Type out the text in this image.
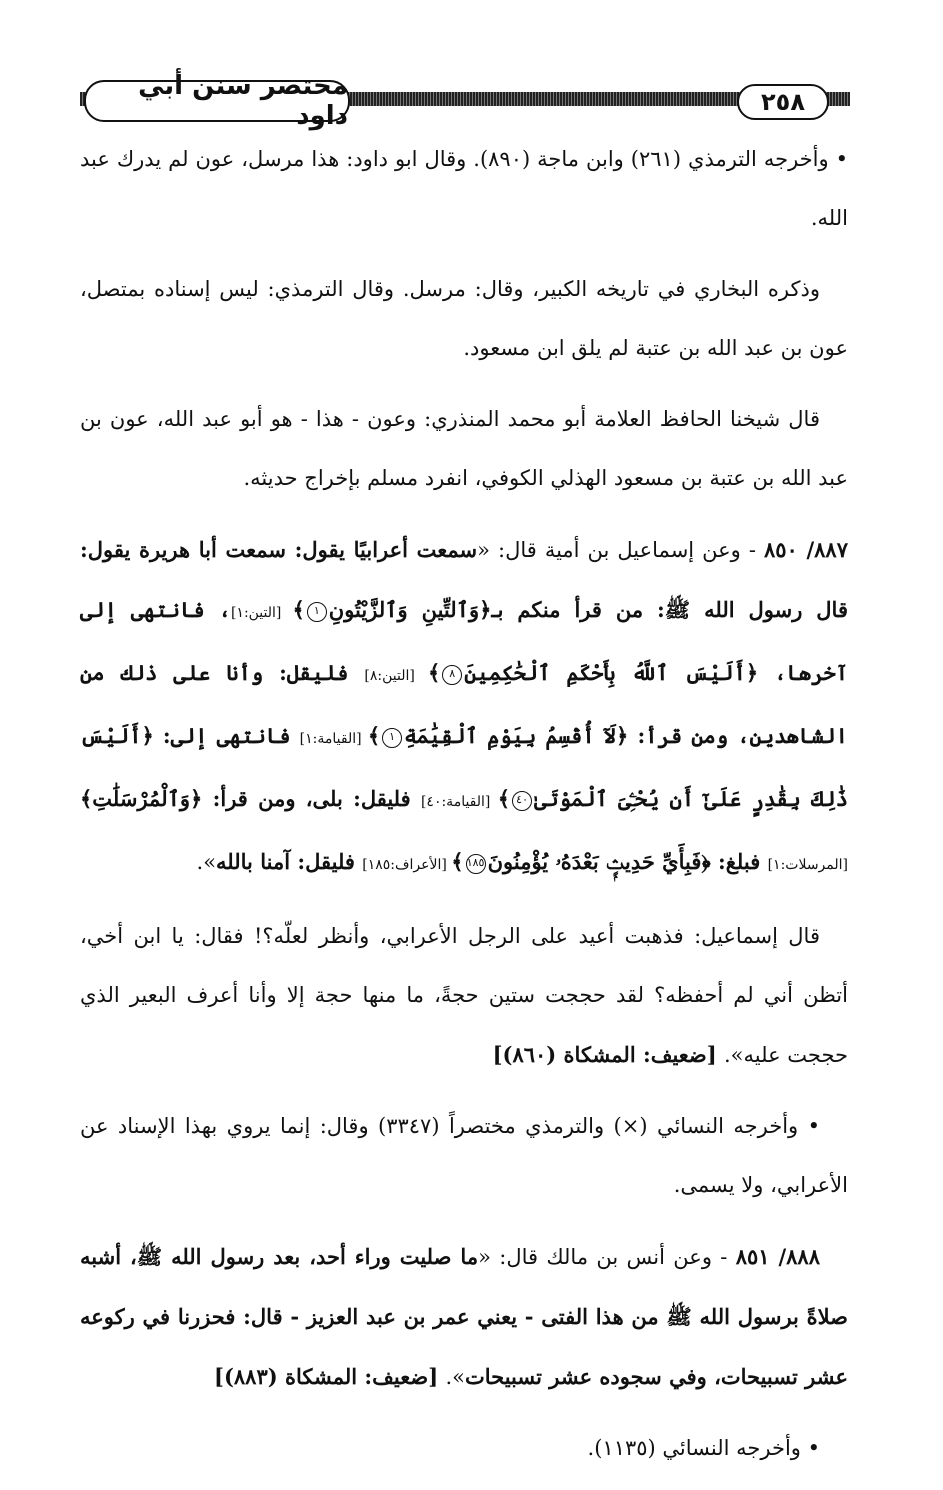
مختصر سنن أبي داود	٢٥٨

• وأخرجه الترمذي (٢٦١) وابن ماجة (٨٩٠). وقال ابو داود: هذا مرسل، عون لم يدرك عبد الله.

وذكره البخاري في تاريخه الكبير، وقال: مرسل. وقال الترمذي: ليس إسناده بمتصل، عون بن عبد الله بن عتبة لم يلق ابن مسعود.

قال شيخنا الحافظ العلامة أبو محمد المنذري: وعون - هذا - هو أبو عبد الله، عون بن عبد الله بن عتبة بن مسعود الهذلي الكوفي، انفرد مسلم بإخراج حديثه.

٨٨٧/ ٨٥٠ - وعن إسماعيل بن أمية قال: «سمعت أعرابيًا يقول: سمعت أبا هريرة يقول: قال رسول الله ﷺ: من قرأ منكم بـ﴿وَٱلتِّينِ وَٱلزَّيْتُونِ١﴾ [التين:١]، فانتهى إلى آخرها، ﴿أَلَيْسَ ٱللَّهُ بِأَحْكَمِ ٱلْحَٰكِمِينَ٨﴾ [التين:٨] فليقل: وأنا على ذلك من الشاهدين، ومن قرأ: ﴿لَآ أُقْسِمُ بِيَوْمِ ٱلْقِيَٰمَةِ١﴾ [القيامة:١] فانتهى إلى: ﴿أَلَيْسَ ذَٰلِكَ بِقَٰدِرٍ عَلَىٰٓ أَن يُحْـِۧىَ ٱلْمَوْتَىٰ٤٠﴾ [القيامة:٤٠] فليقل: بلى، ومن قرأ: ﴿وَٱلْمُرْسَلَٰتِ﴾ [المرسلات:١] فبلغ: ﴿فَبِأَيِّ حَدِيثٍۭ بَعْدَهُۥ يُؤْمِنُونَ١٨٥﴾ [الأعراف:١٨٥] فليقل: آمنا بالله».

قال إسماعيل: فذهبت أعيد على الرجل الأعرابي، وأنظر لعلّه؟! فقال: يا ابن أخي، أتظن أني لم أحفظه؟ لقد حججت ستين حجةً، ما منها حجة إلا وأنا أعرف البعير الذي حججت عليه». [ضعيف: المشكاة (٨٦٠)]

• وأخرجه النسائي (×) والترمذي مختصراً (٣٣٤٧) وقال: إنما يروي بهذا الإسناد عن الأعرابي، ولا يسمى.

٨٨٨/ ٨٥١ - وعن أنس بن مالك قال: «ما صليت وراء أحد، بعد رسول الله ﷺ، أشبه صلاةً برسول الله ﷺ من هذا الفتى - يعني عمر بن عبد العزيز - قال: فحزرنا في ركوعه عشر تسبيحات، وفي سجوده عشر تسبيحات». [ضعيف: المشكاة (٨٨٣)]

• وأخرجه النسائي (١١٣٥).
